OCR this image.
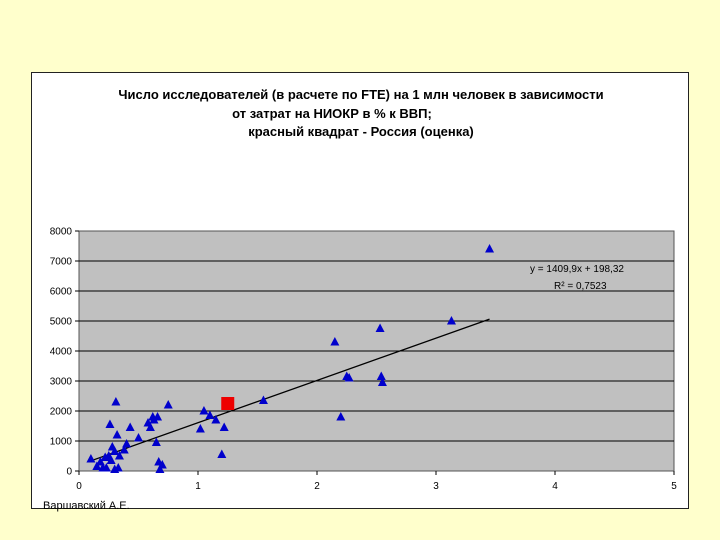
Число исследователей (в расчете по FTE) на 1 млн человек в зависимости
от затрат на НИОКР в % к ВВП;
красный квадрат - Россия (оценка)
0
1000
2000
3000
4000
5000
6000
7000
8000
0	1	2	3	4	5
y = 1409,9x + 198,32
R² = 0,7523
Варшавский А.Е.
